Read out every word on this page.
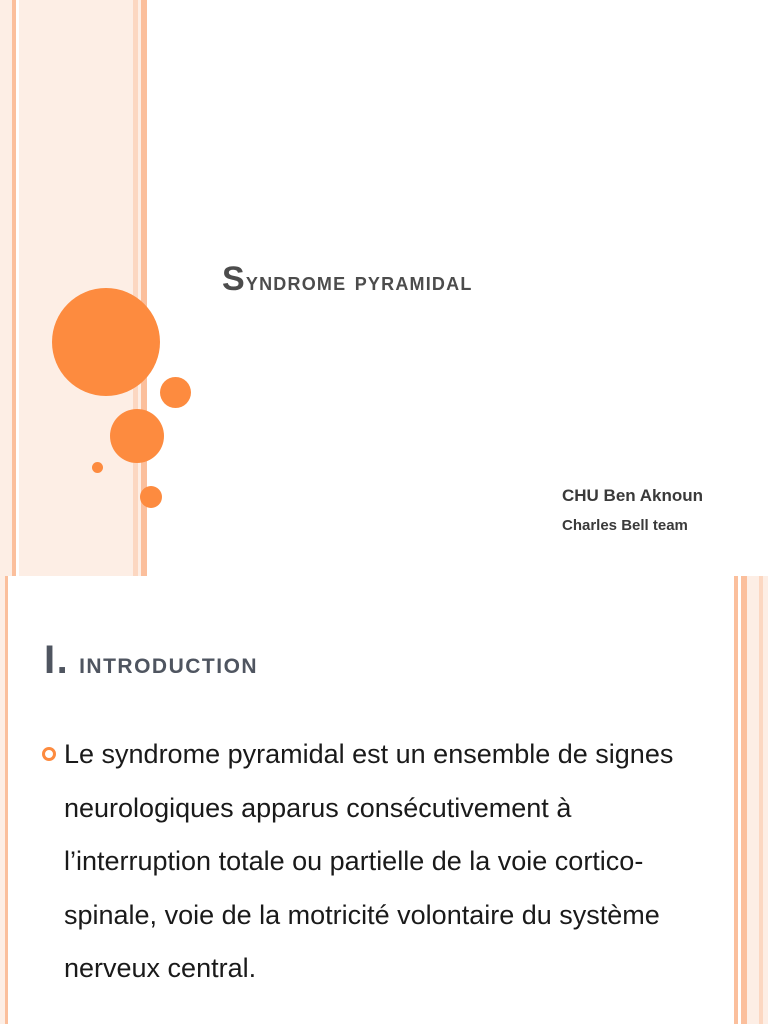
Syndrome pyramidal
CHU Ben Aknoun
Charles Bell team
I. introduction

Le syndrome pyramidal est un ensemble de signes neurologiques apparus consécutivement à l’interruption totale ou partielle de la voie cortico-spinale, voie de la motricité volontaire du système nerveux central.
